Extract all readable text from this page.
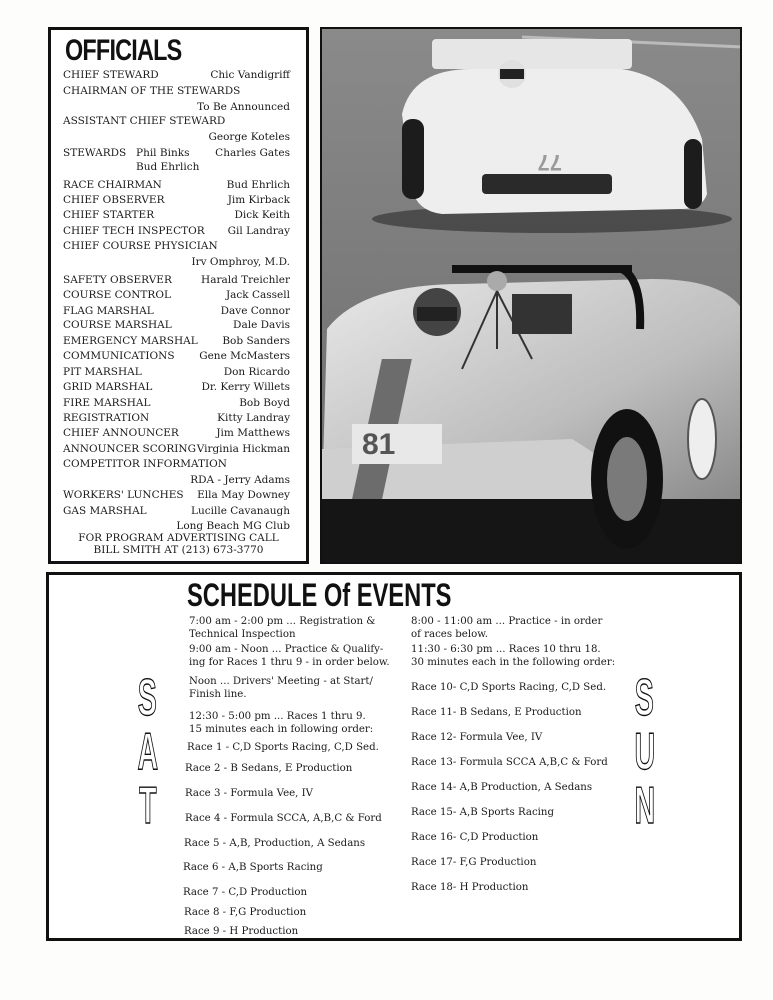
OFFICIALS
CHIEF STEWARD	Chic Vandigriff
CHAIRMAN OF THE STEWARDS
To Be Announced
ASSISTANT CHIEF STEWARD
George Koteles
STEWARDS Phil Binks Charles Gates
Bud Ehrlich
RACE CHAIRMAN	Bud Ehrlich
CHIEF OBSERVER	Jim Kirback
CHIEF STARTER	Dick Keith
CHIEF TECH INSPECTOR Gil Landray
CHIEF COURSE PHYSICIAN
Irv Omphroy, M.D.
SAFETY OBSERVER	Harald Treichler
COURSE CONTROL	Jack Cassell
FLAG MARSHAL	Dave Connor
COURSE MARSHAL	Dale Davis
EMERGENCY MARSHAL Bob Sanders
COMMUNICATIONS Gene McMasters
PIT MARSHAL	Don Ricardo
GRID MARSHAL	Dr. Kerry Willets
FIRE MARSHAL	Bob Boyd
REGISTRATION	Kitty Landray
CHIEF ANNOUNCER	Jim Matthews
ANNOUNCER SCORING Virginia Hickman
COMPETITOR INFORMATION
RDA - Jerry Adams
WORKERS' LUNCHES Ella May Downey
GAS MARSHAL	Lucille Cavanaugh
Long Beach MG Club
FOR PROGRAM ADVERTISING CALL
BILL SMITH AT (213) 673-3770
77
81
SCHEDULE Of EVENTS
S
A
T
S
U
N
7:00 am - 2:00 pm ... Registration &
Technical Inspection
9:00 am - Noon ... Practice & Qualify-
ing for Races 1 thru 9 - in order below.
Noon ... Drivers' Meeting - at Start/
Finish line.
12:30 - 5:00 pm ... Races 1 thru 9.
15 minutes each in following order:
Race 1 - C,D Sports Racing, C,D Sed.
Race 2 - B Sedans, E Production
Race 3 - Formula Vee, IV
Race 4 - Formula SCCA, A,B,C & Ford
Race 5 - A,B, Production, A Sedans
Race 6 - A,B Sports Racing
Race 7 - C,D Production
Race 8 - F,G Production
Race 9 - H Production
8:00 - 11:00 am ... Practice - in order
of races below.
11:30 - 6:30 pm ... Races 10 thru 18.
30 minutes each in the following order:
Race 10- C,D Sports Racing, C,D Sed.
Race 11- B Sedans, E Production
Race 12- Formula Vee, IV
Race 13- Formula SCCA A,B,C & Ford
Race 14- A,B Production, A Sedans
Race 15- A,B Sports Racing
Race 16- C,D Production
Race 17- F,G Production
Race 18- H Production
